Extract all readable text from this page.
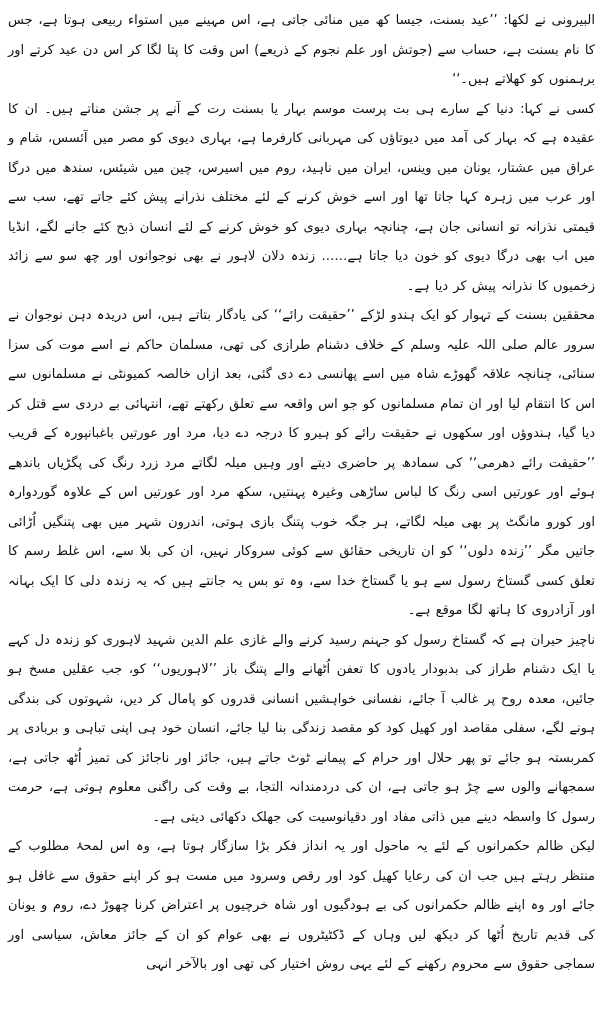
البیرونی نے لکھا: ’’عید بسنت، جیسا کھ میں منائی جاتی ہے، اس مہینے میں استواء ربیعی ہوتا ہے، جس کا نام بسنت ہے، حساب سے (جوتش اور علم نجوم کے ذریعے) اس وقت کا پتا لگا کر اس دن عید کرتے اور برہمنوں کو کھلاتے ہیں۔‘‘

کسی نے کہا: دنیا کے سارے ہی بت پرست موسم بہار یا بسنت رت کے آنے پر جشن مناتے ہیں۔ ان کا عقیدہ ہے کہ بہار کی آمد میں دیوتاؤں کی مہربانی کارفرما ہے، بہاری دیوی کو مصر میں آئسس، شام و عراق میں عشتار، یونان میں وینس، ایران میں ناہید، روم میں اسیرس، چین میں شیئس، سندھ میں درگا اور عرب میں زہرہ کہا جاتا تھا اور اسے خوش کرنے کے لئے مختلف نذرانے پیش کئے جاتے تھے، سب سے قیمتی نذرانہ تو انسانی جان ہے، چنانچہ بہاری دیوی کو خوش کرنے کے لئے انسان ذبح کئے جانے لگے، انڈیا میں اب بھی درگا دیوی کو خون دیا جاتا ہے…… زندہ دلان لاہور نے بھی نوجوانوں اور چھ سو سے زائد زخمیوں کا نذرانہ پیش کر دیا ہے۔

محققین بسنت کے تہوار کو ایک ہندو لڑکے ’’حقیقت رائے‘‘ کی یادگار بتاتے ہیں، اس دریدہ دہن نوجوان نے سرور عالم صلی اللہ علیہ وسلم کے خلاف دشنام طرازی کی تھی، مسلمان حاکم نے اسے موت کی سزا سنائی، چنانچہ علاقہ گھوڑے شاہ میں اسے پھانسی دے دی گئی، بعد ازاں خالصہ کمیونٹی نے مسلمانوں سے اس کا انتقام لیا اور ان تمام مسلمانوں کو جو اس واقعہ سے تعلق رکھتے تھے، انتہائی بے دردی سے قتل کر دیا گیا، ہندوؤں اور سکھوں نے حقیقت رائے کو ہیرو کا درجہ دے دیا، مرد اور عورتیں باغبانپورہ کے قریب ’’حقیقت رائے دھرمی‘‘ کی سمادھ پر حاضری دیتے اور وہیں میلہ لگاتے مرد زرد رنگ کی پگڑیاں باندھے ہوئے اور عورتیں اسی رنگ کا لباس ساڑھی وغیرہ پہنتیں، سکھ مرد اور عورتیں اس کے علاوہ گوردوارہ اور کورو مانگٹ پر بھی میلہ لگاتے، ہر جگہ خوب پتنگ بازی ہوتی، اندرون شہر میں بھی پتنگیں اُڑائی جاتیں مگر ’’زندہ دلوں‘‘ کو ان تاریخی حقائق سے کوئی سروکار نہیں، ان کی بلا سے، اس غلط رسم کا تعلق کسی گستاخ رسول سے ہو یا گستاخ خدا سے، وہ تو بس یہ جانتے ہیں کہ یہ زندہ دلی کا ایک بہانہ اور آزادروی کا ہاتھ لگا موقع ہے۔

ناچیز حیران ہے کہ گستاخ رسول کو جہنم رسید کرنے والے غازی علم الدین شہید لاہوری کو زندہ دل کہے یا ایک دشنام طراز کی بدبودار یادوں کا تعفن اُٹھانے والے پتنگ باز ’’لاہوریوں‘‘ کو، جب عقلیں مسخ ہو جائیں، معدہ روح پر غالب آ جائے، نفسانی خواہشیں انسانی قدروں کو پامال کر دیں، شہوتوں کی بندگی ہونے لگے، سفلی مقاصد اور کھیل کود کو مقصد زندگی بنا لیا جائے، انسان خود ہی اپنی تباہی و بربادی پر کمربستہ ہو جائے تو پھر حلال اور حرام کے پیمانے ٹوٹ جاتے ہیں، جائز اور ناجائز کی تمیز اُٹھ جاتی ہے، سمجھانے والوں سے چڑ ہو جاتی ہے، ان کی دردمندانہ التجا، بے وقت کی راگنی معلوم ہوتی ہے، حرمت رسول کا واسطہ دینے میں ذاتی مفاد اور دقیانوسیت کی جھلک دکھائی دیتی ہے۔

لیکن ظالم حکمرانوں کے لئے یہ ماحول اور یہ انداز فکر بڑا سازگار ہوتا ہے، وہ اس لمحۂ مطلوب کے منتظر رہتے ہیں جب ان کی رعایا کھیل کود اور رقص وسرود میں مست ہو کر اپنے حقوق سے غافل ہو جائے اور وہ اپنے ظالم حکمرانوں کی بے ہودگیوں اور شاہ خرچیوں پر اعتراض کرنا چھوڑ دے، روم و یونان کی قدیم تاریخ اُٹھا کر دیکھ لیں وہاں کے ڈکٹیٹروں نے بھی عوام کو ان کے جائز معاش، سیاسی اور سماجی حقوق سے محروم رکھنے کے لئے یہی روش اختیار کی تھی اور بالآخر انہی
